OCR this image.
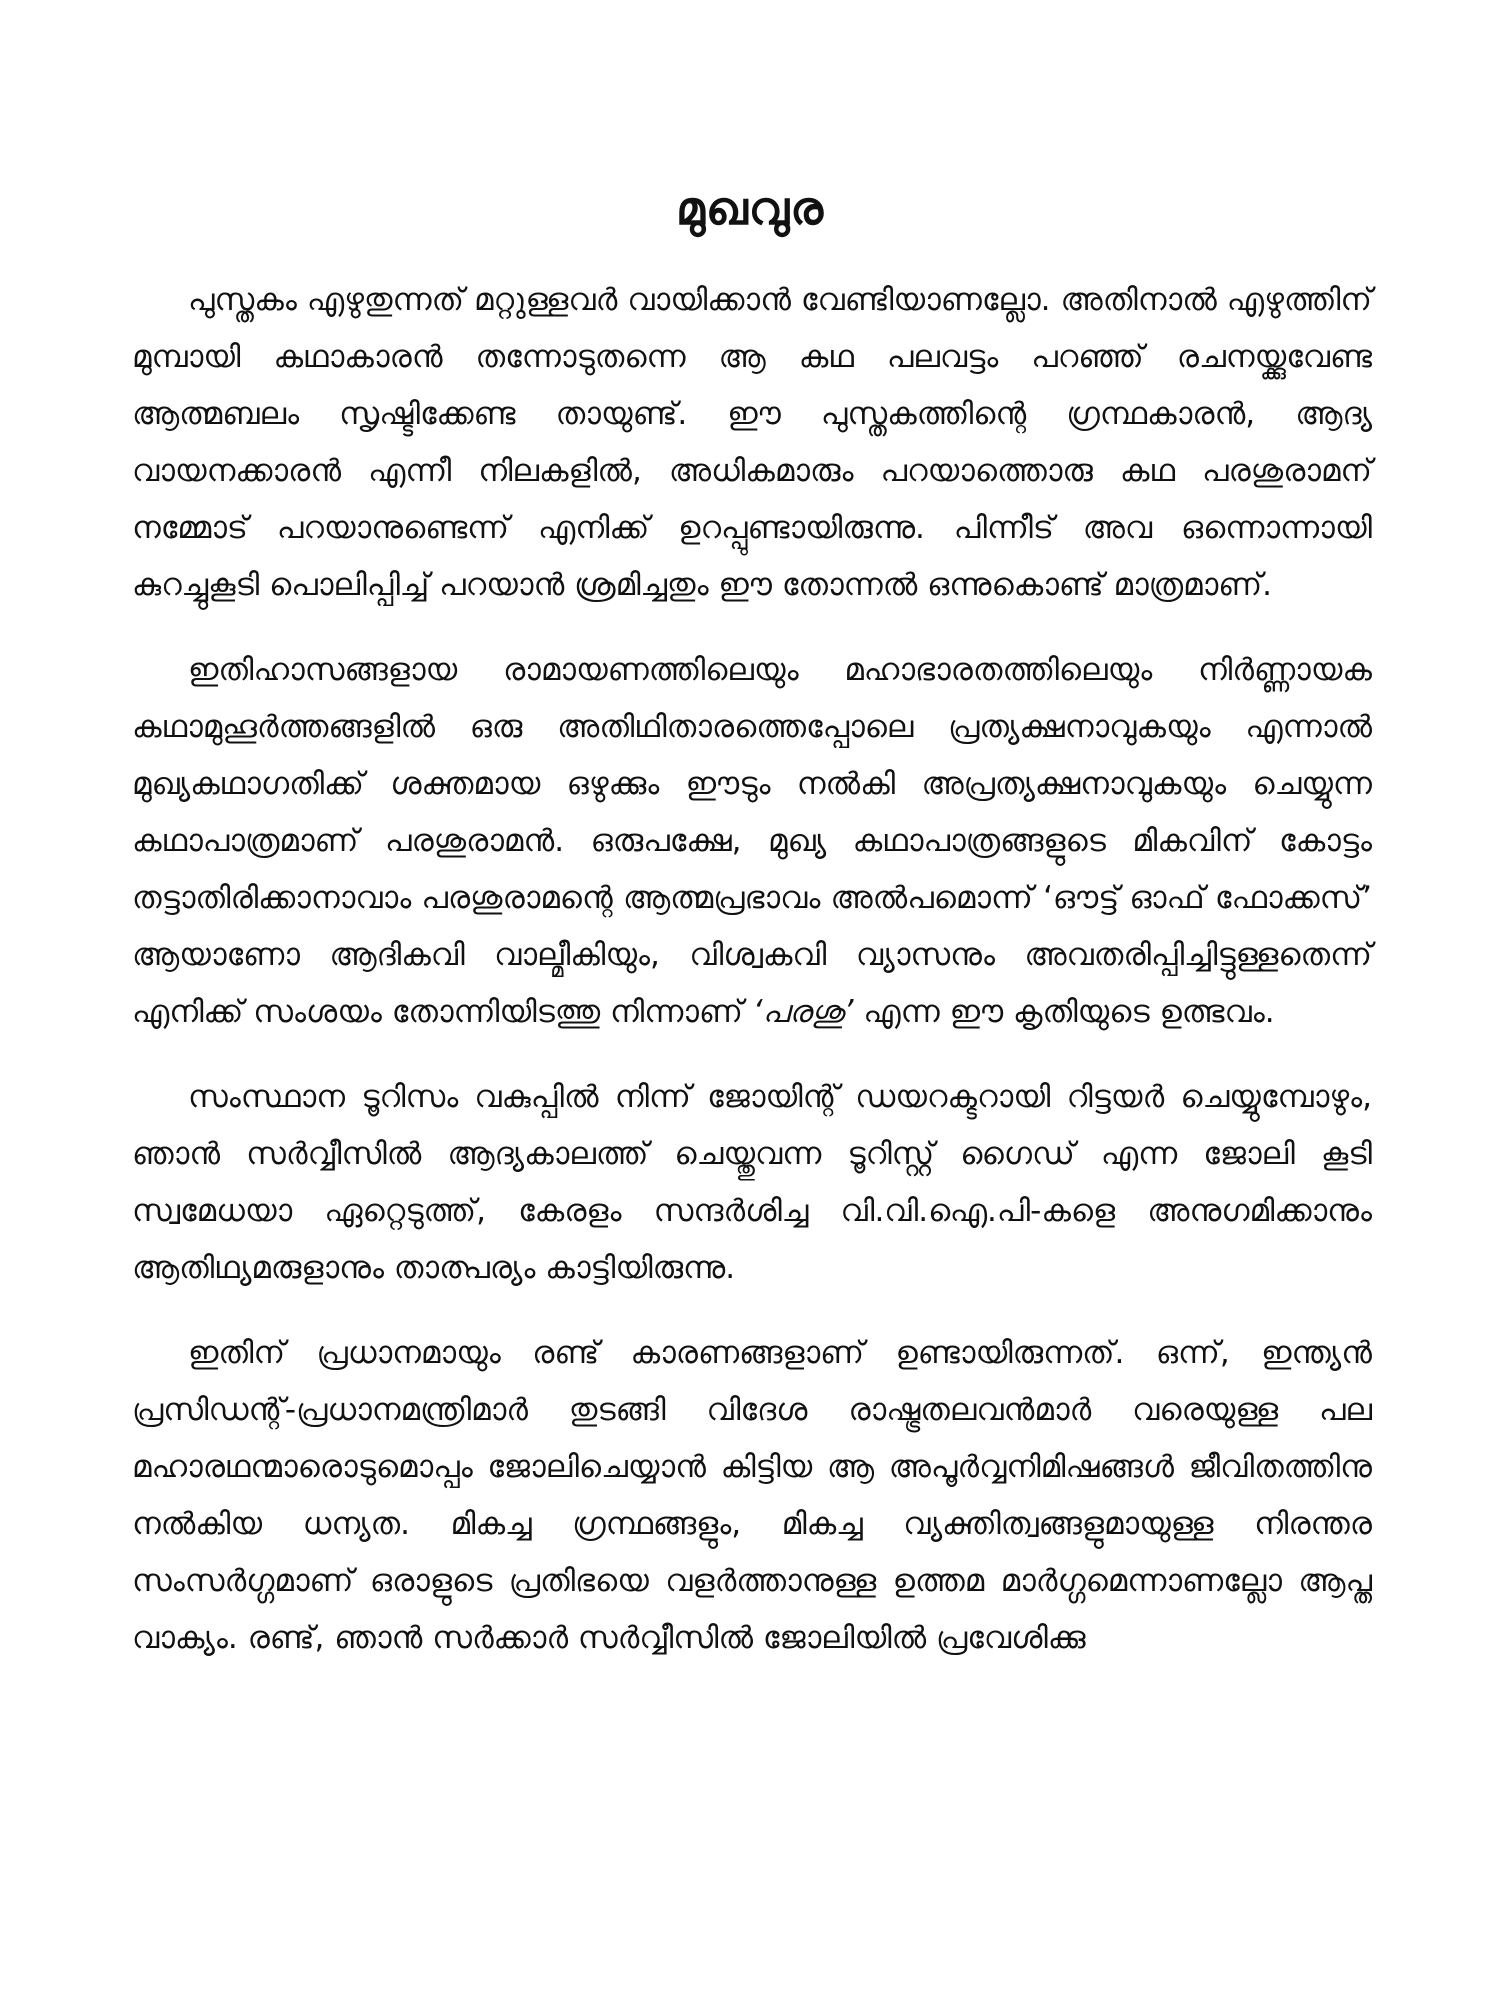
മുഖവുര

പുസ്തകം എഴുതുന്നത് മറ്റുള്ളവർ വായിക്കാൻ വേണ്ടിയാണല്ലോ. അതിനാൽ എഴുത്തിന് മുമ്പായി കഥാകാരൻ തന്നോടുതന്നെ ആ കഥ പലവട്ടം പറഞ്ഞ് രചനയ്ക്കുവേണ്ട ആത്മബലം സൃഷ്ടിക്കേണ്ട തായുണ്ട്. ഈ പുസ്തകത്തിന്റെ ഗ്രന്ഥകാരൻ, ആദ്യ വായനക്കാരൻ എന്നീ നിലകളിൽ, അധികമാരും പറയാത്തൊരു കഥ പരശുരാമന് നമ്മോട് പറയാനുണ്ടെന്ന് എനിക്ക് ഉറപ്പുണ്ടായിരുന്നു. പിന്നീട് അവ ഒന്നൊന്നായി കുറച്ചുകൂടി പൊലിപ്പിച്ച് പറയാൻ ശ്രമിച്ചതും ഈ തോന്നൽ ഒന്നുകൊണ്ട് മാത്രമാണ്.

ഇതിഹാസങ്ങളായ രാമായണത്തിലെയും മഹാഭാരതത്തിലെയും നിർണ്ണായക കഥാമുഹൂർത്തങ്ങളിൽ ഒരു അതിഥിതാരത്തെപ്പോലെ പ്രത്യക്ഷനാവുകയും എന്നാൽ മുഖ്യകഥാഗതിക്ക് ശക്തമായ ഒഴുക്കും ഈടും നൽകി അപ്രത്യക്ഷനാവുകയും ചെയ്യുന്ന കഥാപാത്രമാണ് പരശുരാമൻ. ഒരുപക്ഷേ, മുഖ്യ കഥാപാത്രങ്ങളുടെ മികവിന് കോട്ടം തട്ടാതിരിക്കാനാവാം പരശുരാമന്റെ ആത്മപ്രഭാവം അൽപമൊന്ന് ‘ഔട്ട് ഓഫ് ഫോക്കസ്’ ആയാണോ ആദികവി വാല്മീകിയും, വിശ്വകവി വ്യാസനും അവതരിപ്പിച്ചിട്ടുള്ളതെന്ന് എനിക്ക് സംശയം തോന്നിയിടത്തു നിന്നാണ് ‘പരശു’ എന്ന ഈ കൃതിയുടെ ഉത്ഭവം.

സംസ്ഥാന ടൂറിസം വകുപ്പിൽ നിന്ന് ജോയിന്റ് ഡയറക്ടറായി റിട്ടയർ ചെയ്യുമ്പോഴും, ഞാൻ സർവ്വീസിൽ ആദ്യകാലത്ത് ചെയ്തുവന്ന ടൂറിസ്റ്റ് ഗൈഡ് എന്ന ജോലി കൂടി സ്വമേധയാ ഏറ്റെടുത്ത്, കേരളം സന്ദർശിച്ച വി.വി.ഐ.പി-കളെ അനുഗമിക്കാനും ആതിഥ്യമരുളാനും താത്പര്യം കാട്ടിയിരുന്നു.

ഇതിന് പ്രധാനമായും രണ്ട് കാരണങ്ങളാണ് ഉണ്ടായിരുന്നത്. ഒന്ന്, ഇന്ത്യൻ പ്രസിഡന്റ്-പ്രധാനമന്ത്രിമാർ തുടങ്ങി വിദേശ രാഷ്ട്രതലവൻമാർ വരെയുള്ള പല മഹാരഥന്മാരൊടുമൊപ്പം ജോലിചെയ്യാൻ കിട്ടിയ ആ അപൂർവ്വനിമിഷങ്ങൾ ജീവിതത്തിനു നൽകിയ ധന്യത. മികച്ച ഗ്രന്ഥങ്ങളും, മികച്ച വ്യക്തിത്വങ്ങളുമായുള്ള നിരന്തര സംസർഗ്ഗമാണ് ഒരാളുടെ പ്രതിഭയെ വളർത്താനുള്ള ഉത്തമ മാർഗ്ഗമെന്നാണല്ലോ ആപ്ത വാക്യം. രണ്ട്, ഞാൻ സർക്കാർ സർവ്വീസിൽ ജോലിയിൽ പ്രവേശിക്കു
